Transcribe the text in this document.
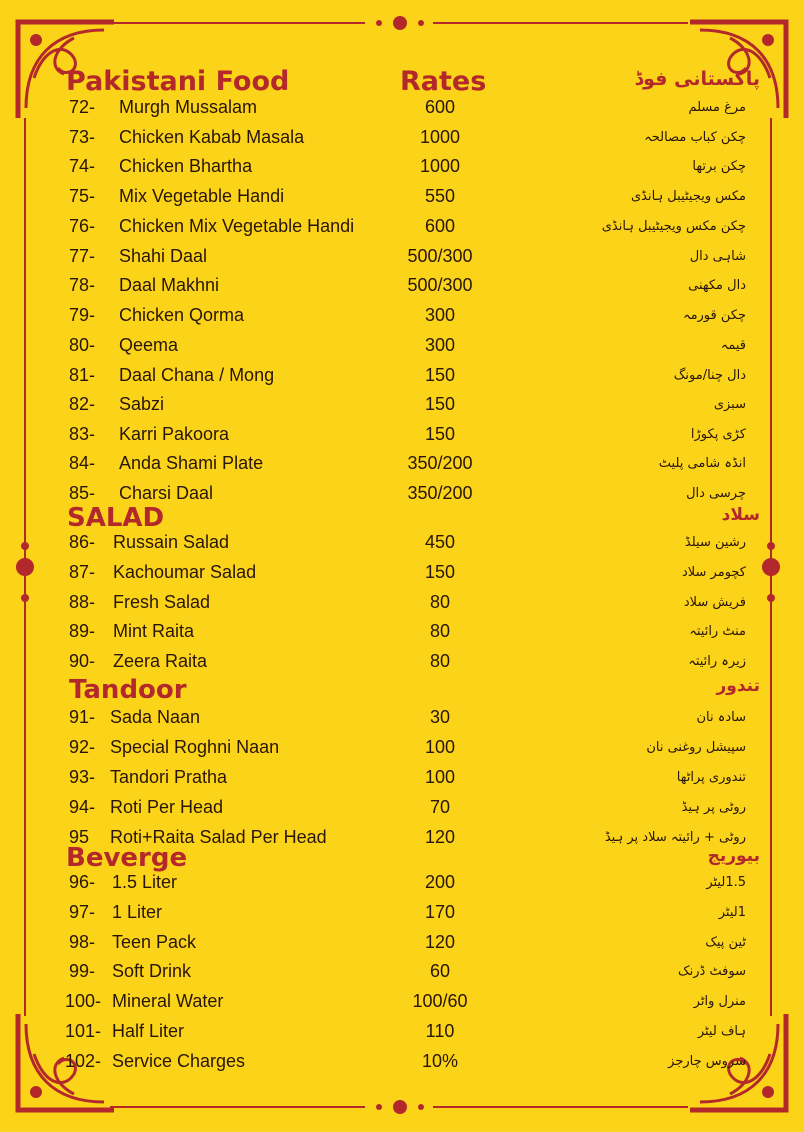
Pakistani Food	Rates	پاکستانی فوڈ
SALAD	سلاد
Tandoor	تندور
Beverge	بیوریج
72- Murgh Mussalam	600	مرغ مسلم
73- Chicken Kabab Masala	1000	چکن کباب مصالحہ
74- Chicken Bhartha	1000	چکن برتھا
75- Mix Vegetable Handi	550	مکس ویجیٹیبل ہانڈی
76- Chicken Mix Vegetable Handi	600	چکن مکس ویجیٹیبل ہانڈی
77- Shahi Daal	500/300	شاہی دال
78- Daal Makhni	500/300	دال مکھنی
79- Chicken Qorma	300	چکن قورمہ
80- Qeema	300	قیمہ
81- Daal Chana / Mong	150	دال چنا/مونگ
82- Sabzi	150	سبزی
83- Karri Pakoora	150	کڑی پکوڑا
84- Anda Shami Plate	350/200	انڈہ شامی پلیٹ
85- Charsi Daal	350/200	چرسی دال
86- Russain Salad	450	رشین سیلڈ
87- Kachoumar Salad	150	کچومر سلاد
88- Fresh Salad	80	فریش سلاد
89- Mint Raita	80	منٹ رائیتہ
90- Zeera Raita	80	زیرہ رائیتہ
91- Sada Naan	30	سادہ نان
92- Special Roghni Naan	100	سپیشل روغنی نان
93- Tandori Pratha	100	تندوری پراٹھا
94- Roti Per Head	70	روٹی پر ہیڈ
95 Roti+Raita Salad Per Head	120	روٹی + رائیتہ سلاد پر ہیڈ
96- 1.5 Liter	200	1.5لیٹر
97- 1 Liter	170	1لیٹر
98- Teen Pack	120	ٹین پیک
99- Soft Drink	60	سوفٹ ڈرنک
100- Mineral Water	100/60	منرل واٹر
101- Half Liter	110	ہاف لیٹر
102- Service Charges	10%	سروس چارجز
